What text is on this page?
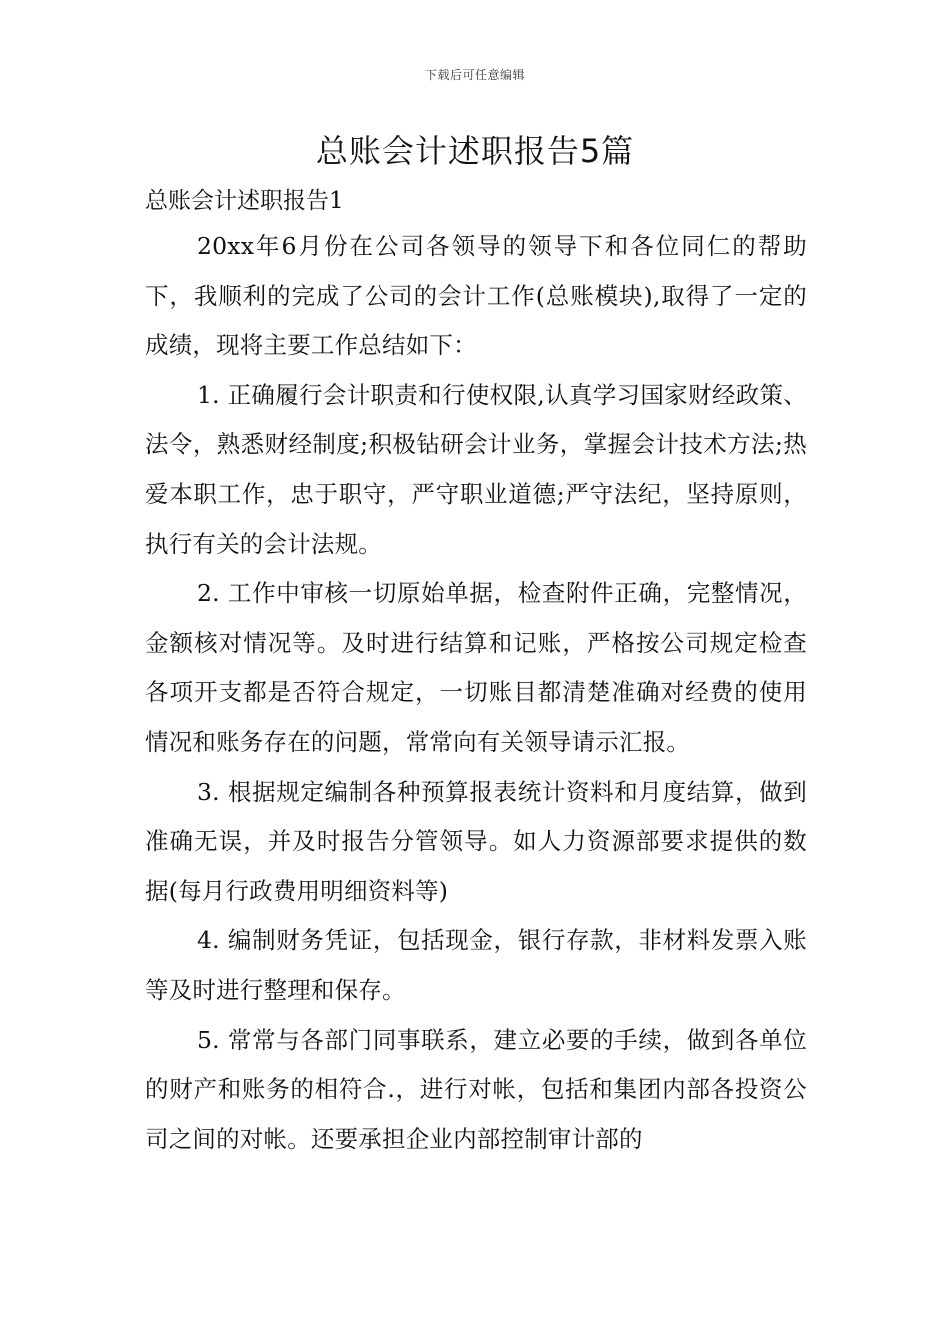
下载后可任意编辑
总账会计述职报告5篇
总账会计述职报告1

20xx年6月份在公司各领导的领导下和各位同仁的帮助下，我顺利的完成了公司的会计工作(总账模块),取得了一定的成绩，现将主要工作总结如下：

1. 正确履行会计职责和行使权限,认真学习国家财经政策、法令，熟悉财经制度;积极钻研会计业务，掌握会计技术方法;热爱本职工作，忠于职守，严守职业道德;严守法纪，坚持原则，执行有关的会计法规。

2. 工作中审核一切原始单据，检查附件正确，完整情况，金额核对情况等。及时进行结算和记账，严格按公司规定检查各项开支都是否符合规定，一切账目都清楚准确对经费的使用情况和账务存在的问题，常常向有关领导请示汇报。

3. 根据规定编制各种预算报表统计资料和月度结算，做到准确无误，并及时报告分管领导。如人力资源部要求提供的数据(每月行政费用明细资料等)

4. 编制财务凭证，包括现金，银行存款，非材料发票入账等及时进行整理和保存。

5. 常常与各部门同事联系，建立必要的手续，做到各单位的财产和账务的相符合.，进行对帐，包括和集团内部各投资公司之间的对帐。还要承担企业内部控制审计部的
